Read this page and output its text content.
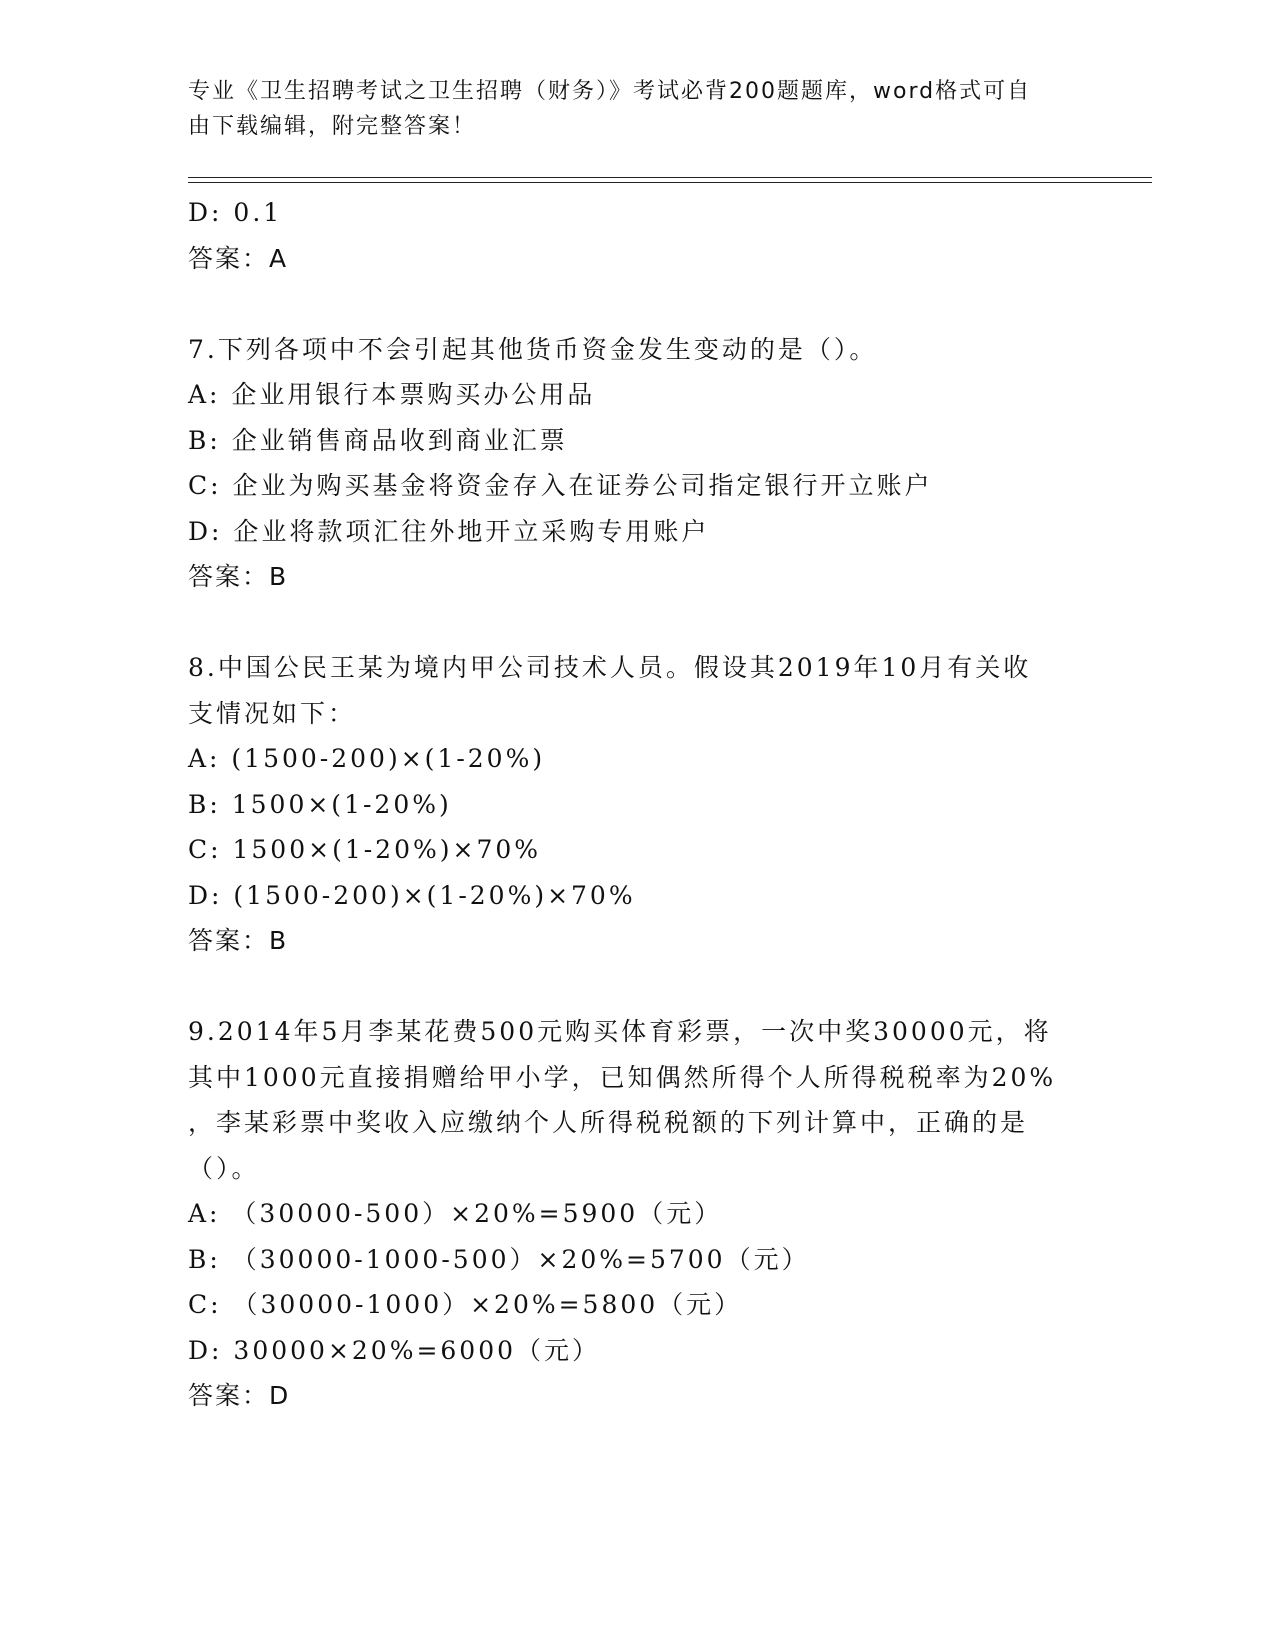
专业《卫生招聘考试之卫生招聘（财务）》考试必背200题题库，word格式可自
由下载编辑，附完整答案！
D: 0.1
答案：A
7.下列各项中不会引起其他货币资金发生变动的是（）。
A: 企业用银行本票购买办公用品
B: 企业销售商品收到商业汇票
C: 企业为购买基金将资金存入在证券公司指定银行开立账户
D: 企业将款项汇往外地开立采购专用账户
答案：B
8.中国公民王某为境内甲公司技术人员。假设其2019年10月有关收
支情况如下：
A: (1500-200)×(1-20%)
B: 1500×(1-20%)
C: 1500×(1-20%)×70%
D: (1500-200)×(1-20%)×70%
答案：B
9.2014年5月李某花费500元购买体育彩票，一次中奖30000元，将
其中1000元直接捐赠给甲小学，已知偶然所得个人所得税税率为20%
，李某彩票中奖收入应缴纳个人所得税税额的下列计算中，正确的是
（）。
A: （30000-500）×20%=5900（元）
B: （30000-1000-500）×20%=5700（元）
C: （30000-1000）×20%=5800（元）
D: 30000×20%=6000（元）
答案：D
